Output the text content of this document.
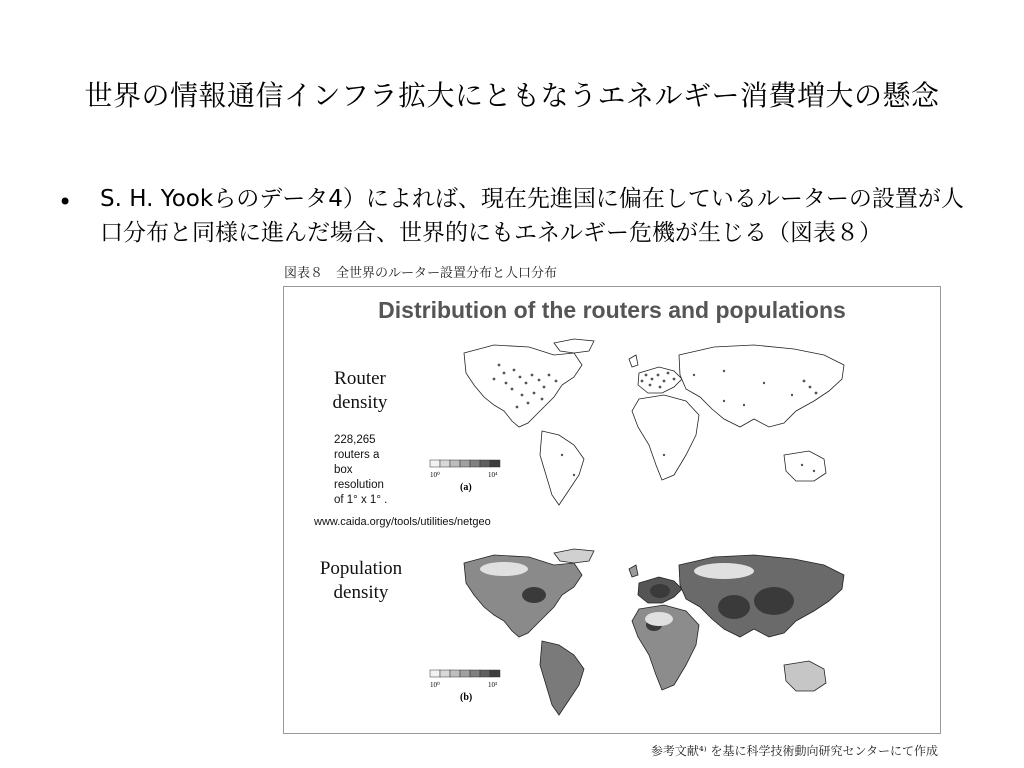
世界の情報通信インフラ拡大にともなうエネルギー消費増大の懸念
• S. H. Yookらのデータ4）によれば、現在先進国に偏在しているルーターの設置が人口分布と同様に進んだ場合、世界的にもエネルギー危機が生じる（図表８）
図表８　全世界のルーター設置分布と人口分布
Distribution of the routers and populations
Router density
228,265
routers a
box
resolution
of 1° x 1° .
www.caida.orgy/tools/utilities/netgeo
Population density
10⁰	10⁴
(a)
10⁰	10³
(b)
参考文献⁴⁾ を基に科学技術動向研究センターにて作成
